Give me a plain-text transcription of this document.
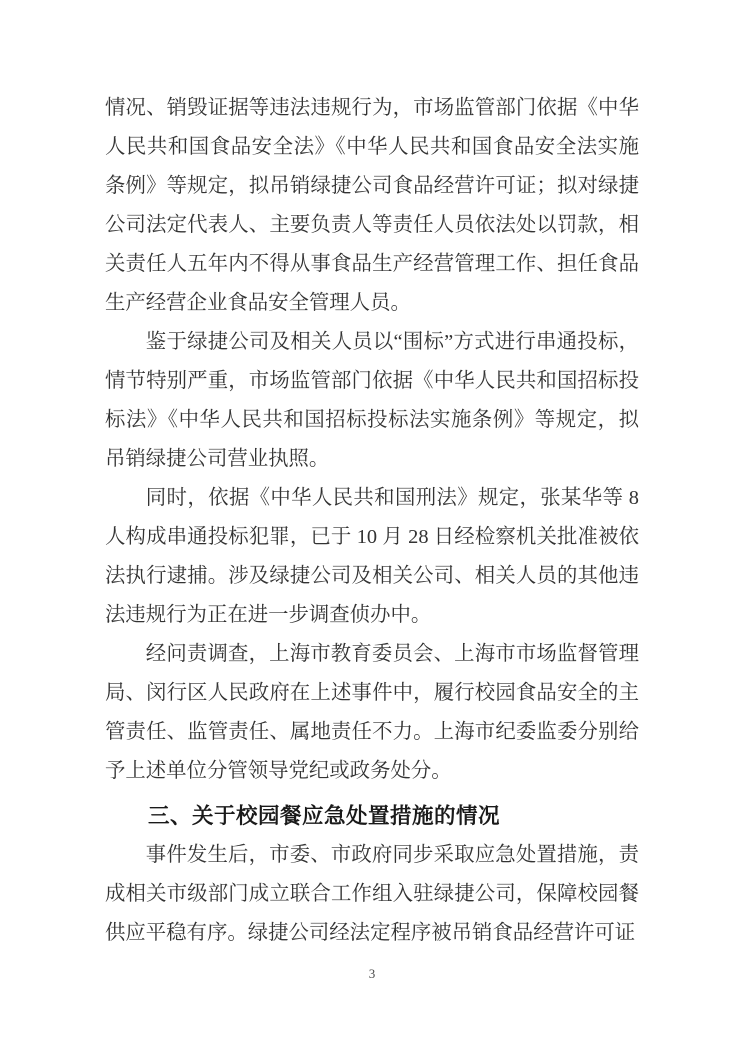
情况、销毁证据等违法违规行为，市场监管部门依据《中华人民共和国食品安全法》《中华人民共和国食品安全法实施条例》等规定，拟吊销绿捷公司食品经营许可证；拟对绿捷公司法定代表人、主要负责人等责任人员依法处以罚款，相关责任人五年内不得从事食品生产经营管理工作、担任食品生产经营企业食品安全管理人员。

鉴于绿捷公司及相关人员以“围标”方式进行串通投标，情节特别严重，市场监管部门依据《中华人民共和国招标投标法》《中华人民共和国招标投标法实施条例》等规定，拟吊销绿捷公司营业执照。

同时，依据《中华人民共和国刑法》规定，张某华等 8人构成串通投标犯罪，已于 10 月 28 日经检察机关批准被依法执行逮捕。涉及绿捷公司及相关公司、相关人员的其他违法违规行为正在进一步调查侦办中。

经问责调查，上海市教育委员会、上海市市场监督管理局、闵行区人民政府在上述事件中，履行校园食品安全的主管责任、监管责任、属地责任不力。上海市纪委监委分别给予上述单位分管领导党纪或政务处分。

三、关于校园餐应急处置措施的情况

事件发生后，市委、市政府同步采取应急处置措施，责成相关市级部门成立联合工作组入驻绿捷公司，保障校园餐供应平稳有序。绿捷公司经法定程序被吊销食品经营许可证

3
